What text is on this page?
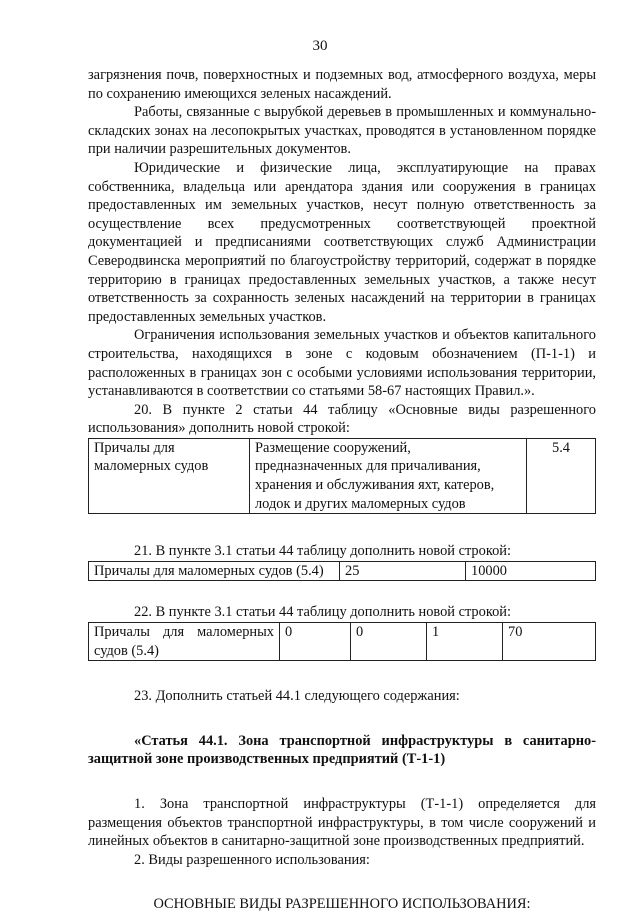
30

загрязнения почв, поверхностных и подземных вод, атмосферного воздуха, меры по сохранению имеющихся зеленых насаждений.

Работы, связанные с вырубкой деревьев в промышленных и коммунально-складских зонах на лесопокрытых участках, проводятся в установленном порядке при наличии разрешительных документов.

Юридические и физические лица, эксплуатирующие на правах собственника, владельца или арендатора здания или сооружения в границах предоставленных им земельных участков, несут полную ответственность за осуществление всех предусмотренных соответствующей проектной документацией и предписаниями соответствующих служб Администрации Северодвинска мероприятий по благоустройству территорий, содержат в порядке территорию в границах предоставленных земельных участков, а также несут ответственность за сохранность зеленых насаждений на территории в границах предоставленных земельных участков.

Ограничения использования земельных участков и объектов капитального строительства, находящихся в зоне с кодовым обозначением (П-1-1) и расположенных в границах зон с особыми условиями использования территории, устанавливаются в соответствии со статьями 58-67 настоящих Правил.».

20. В пункте 2 статьи 44 таблицу «Основные виды разрешенного использования» дополнить новой строкой:

Причалы для маломерных судов	Размещение сооружений, предназначенных для причаливания, хранения и обслуживания яхт, катеров, лодок и других маломерных судов	5.4

21. В пункте 3.1 статьи 44 таблицу дополнить новой строкой:

Причалы для маломерных судов (5.4)	25	10000

22. В пункте 3.1 статьи 44 таблицу дополнить новой строкой:

Причалы для маломерных судов (5.4)	0	0	1	70

23. Дополнить статьей 44.1 следующего содержания:

«Статья 44.1. Зона транспортной инфраструктуры в санитарно-защитной зоне производственных предприятий (Т-1-1)

1. Зона транспортной инфраструктуры (Т-1-1) определяется для размещения объектов транспортной инфраструктуры, в том числе сооружений и линейных объектов в санитарно-защитной зоне производственных предприятий.

2. Виды разрешенного использования:

ОСНОВНЫЕ ВИДЫ РАЗРЕШЕННОГО ИСПОЛЬЗОВАНИЯ:
